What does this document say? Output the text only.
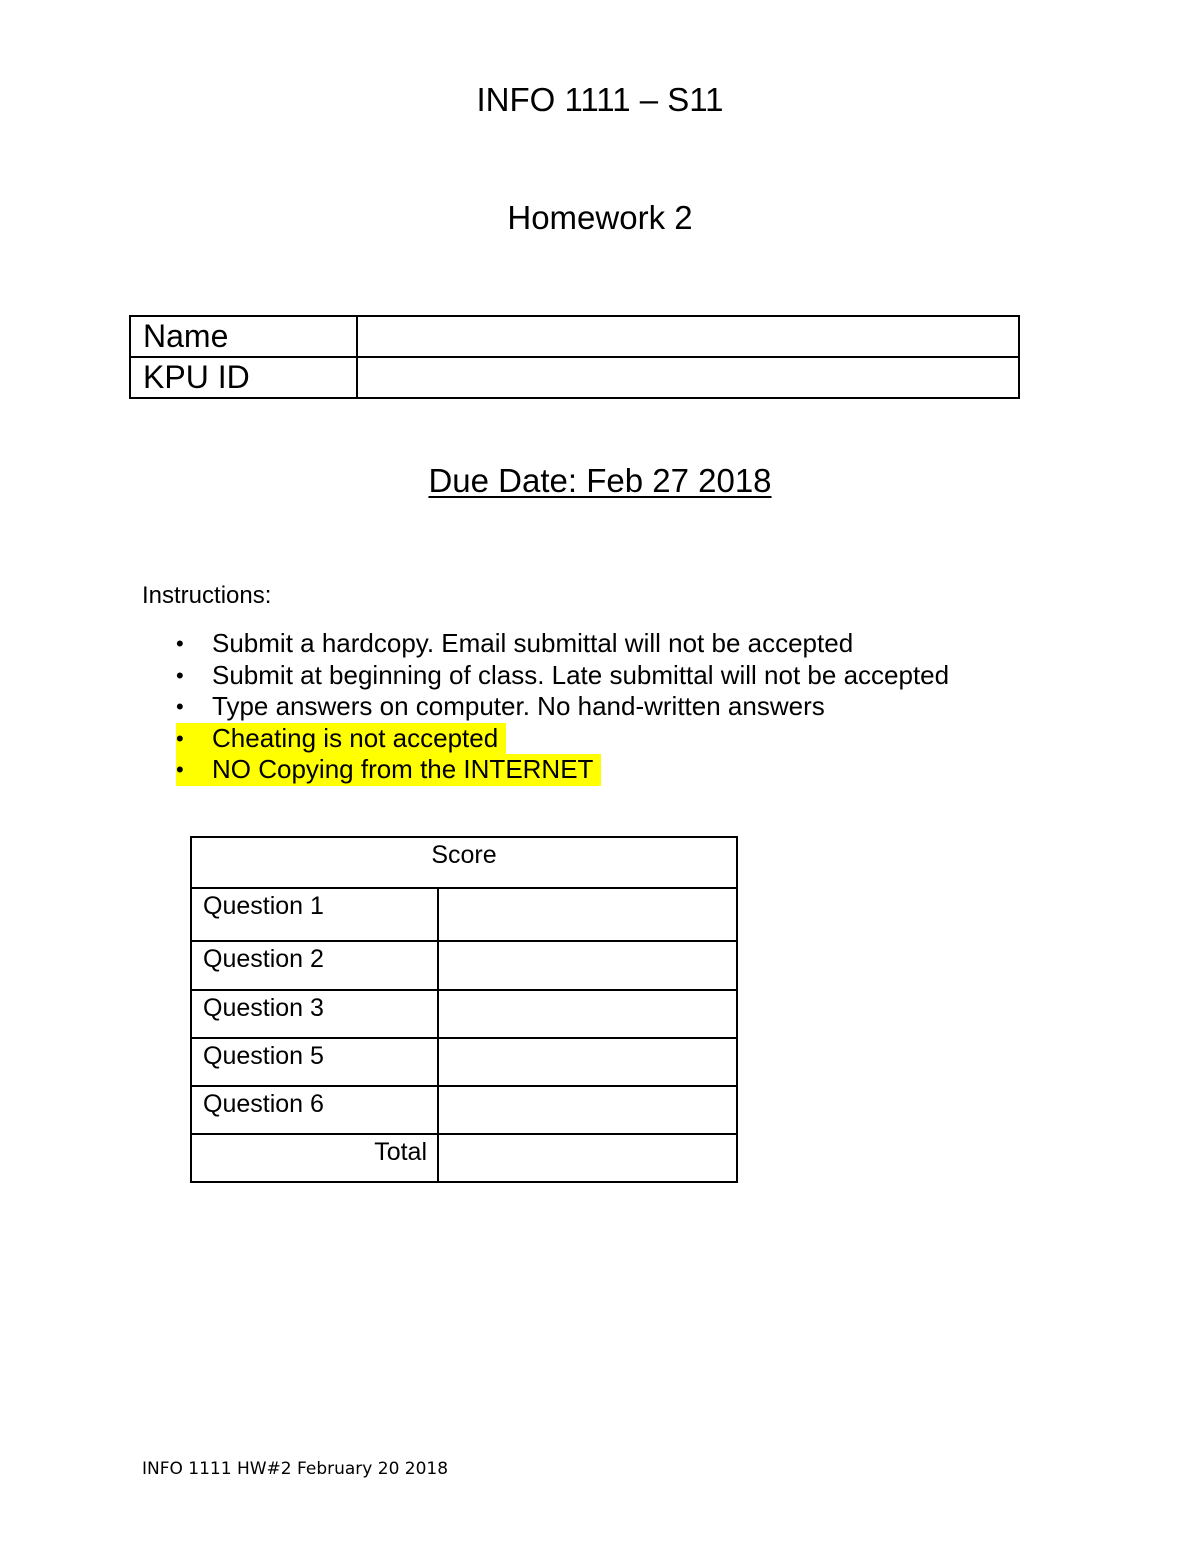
INFO 1111 – S11
Homework 2
Name	
KPU ID	
Due Date: Feb 27 2018
Instructions:
•	Submit a hardcopy. Email submittal will not be accepted
•	Submit at beginning of class. Late submittal will not be accepted
•	Type answers on computer. No hand-written answers
•	Cheating is not accepted
•	NO Copying from the INTERNET
Score	
Question 1	
Question 2	
Question 3	
Question 5	
Question 6	
Total	
INFO 1111 HW#2 February 20 2018
